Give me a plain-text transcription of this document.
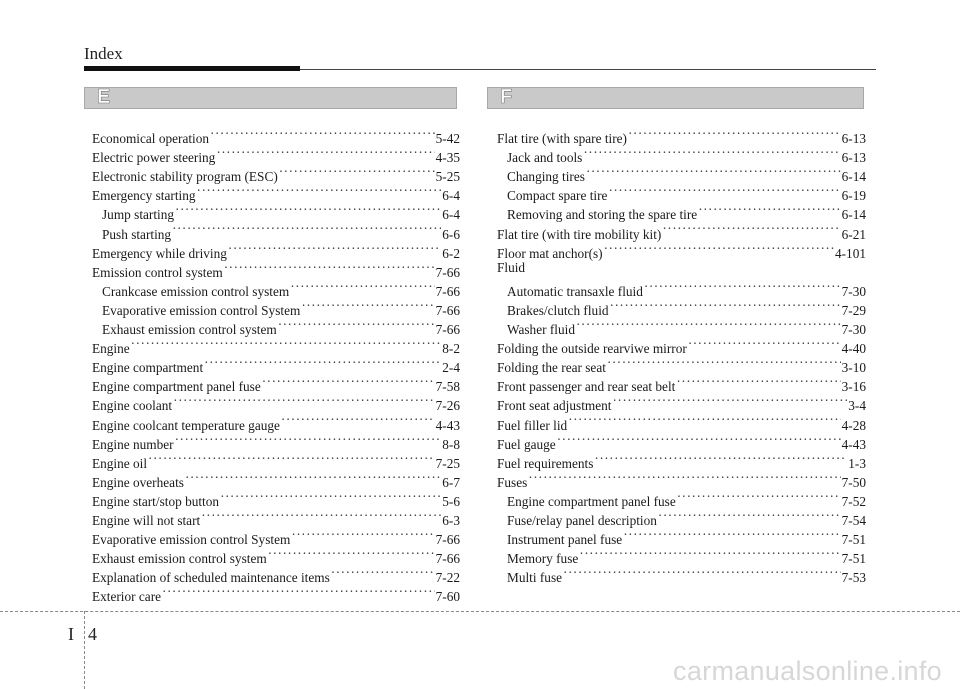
Index
E	F
Economical operation ·····	5-42
Electric power steering ·····	4-35
Electronic stability program (ESC) ·····	5-25
Emergency starting ·····	6-4
Jump starting ·····	6-4
Push starting ·····	6-6
Emergency while driving ·····	6-2
Emission control system ·····	7-66
Crankcase emission control system ·····	7-66
Evaporative emission control System ·····	7-66
Exhaust emission control system ·····	7-66
Engine ·····	8-2
Engine compartment ·····	2-4
Engine compartment panel fuse ·····	7-58
Engine coolant ·····	7-26
Engine coolcant temperature gauge ·····	4-43
Engine number ·····	8-8
Engine oil ·····	7-25
Engine overheats ·····	6-7
Engine start/stop button ·····	5-6
Engine will not start ·····	6-3
Evaporative emission control System ·····	7-66
Exhaust emission control system ·····	7-66
Explanation of scheduled maintenance items ·····	7-22
Exterior care ·····	7-60
Flat tire (with spare tire) ·····	6-13
Jack and tools ·····	6-13
Changing tires ·····	6-14
Compact spare tire ·····	6-19
Removing and storing the spare tire ·····	6-14
Flat tire (with tire mobility kit) ·····	6-21
Floor mat anchor(s) ·····	4-101
Fluid
Automatic transaxle fluid ·····	7-30
Brakes/clutch fluid ·····	7-29
Washer fluid ·····	7-30
Folding the outside rearviwe mirror ·····	4-40
Folding the rear seat ·····	3-10
Front passenger and rear seat belt ·····	3-16
Front seat adjustment ·····	3-4
Fuel filler lid ·····	4-28
Fuel gauge ·····	4-43
Fuel requirements ·····	1-3
Fuses ·····	7-50
Engine compartment panel fuse ·····	7-52
Fuse/relay panel description ·····	7-54
Instrument panel fuse ·····	7-51
Memory fuse ·····	7-51
Multi fuse ·····	7-53
I 4
carmanualsonline.info
